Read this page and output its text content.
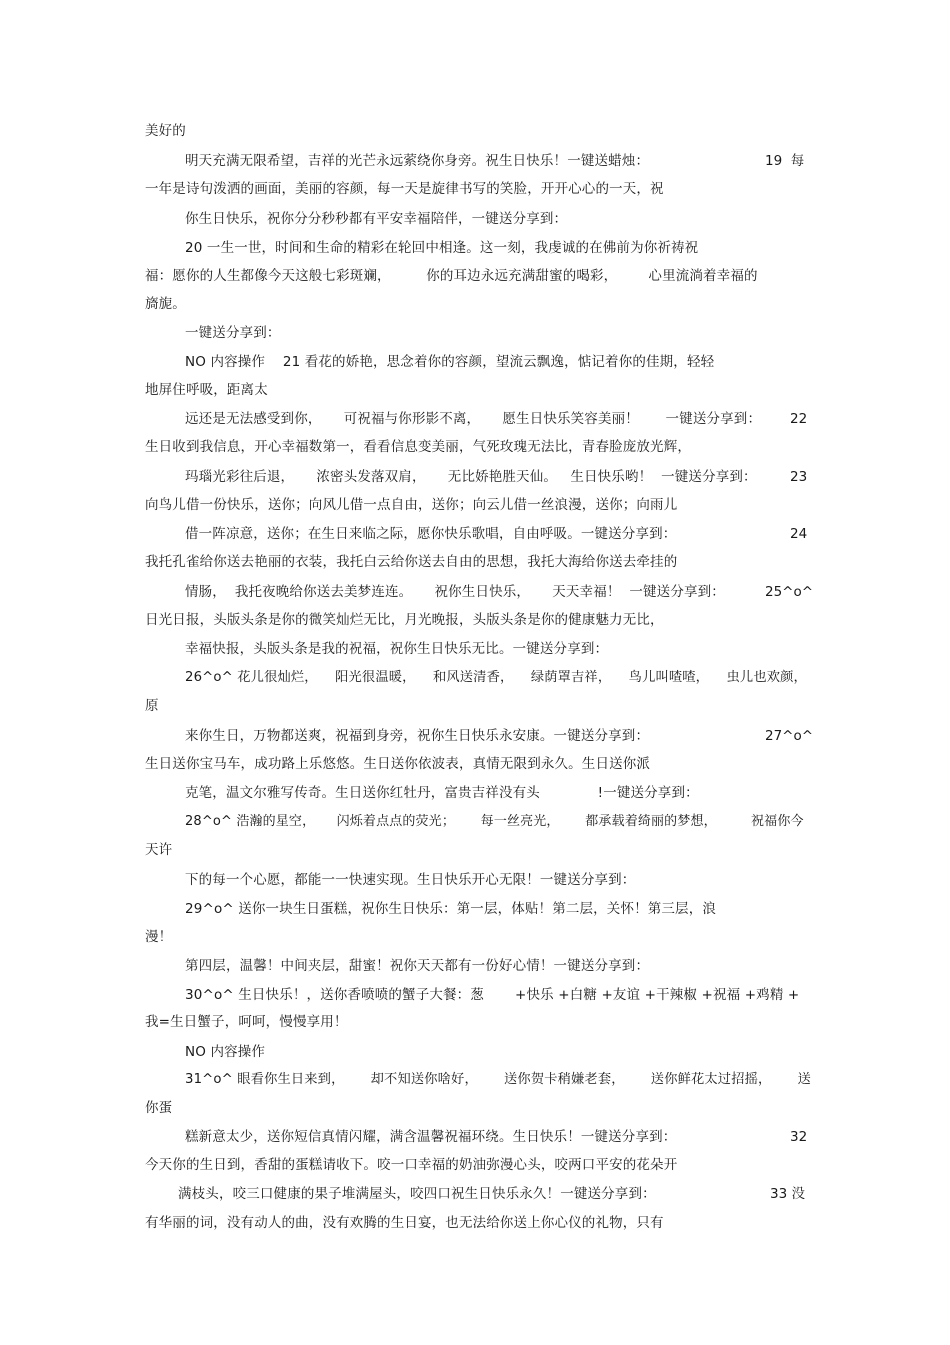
美好的
明天充满无限希望，吉祥的光芒永远萦绕你身旁。祝生日快乐！一键送蜡烛：	19  每
一年是诗句泼洒的画面，美丽的容颜，每一天是旋律书写的笑脸，开开心心的一天，祝
你生日快乐，祝你分分秒秒都有平安幸福陪伴，一键送分享到：
20 一生一世，时间和生命的精彩在轮回中相逢。这一刻，我虔诚的在佛前为你祈祷祝
福：愿你的人生都像今天这般七彩斑斓，        你的耳边永远充满甜蜜的喝彩，       心里流淌着幸福的
旖旎。
一键送分享到：
NO 内容操作    21 看花的娇艳，思念着你的容颜，望流云飘逸，惦记着你的佳期，轻轻
地屏住呼吸，距离太
远还是无法感受到你，     可祝福与你形影不离，     愿生日快乐笑容美丽！      一键送分享到： 22
生日收到我信息，开心幸福数第一，看看信息变美丽，气死玫瑰无法比，青春脸庞放光辉，
玛瑙光彩往后退，     浓密头发落双肩，     无比娇艳胜天仙。   生日快乐哟！  一键送分享到： 23
向鸟儿借一份快乐，送你；向风儿借一点自由，送你；向云儿借一丝浪漫，送你；向雨儿
借一阵凉意，送你；在生日来临之际，愿你快乐歌唱，自由呼吸。一键送分享到：	24
我托孔雀给你送去艳丽的衣装，我托白云给你送去自由的思想，我托大海给你送去牵挂的
情肠，  我托夜晚给你送去美梦连连。     祝你生日快乐，     天天幸福！  一键送分享到：	25^o^
日光日报，头版头条是你的微笑灿烂无比，月光晚报，头版头条是你的健康魅力无比，
幸福快报，头版头条是我的祝福，祝你生日快乐无比。一键送分享到：
26^o^ 花儿很灿烂，    阳光很温暖，    和风送清香，    绿荫罩吉祥，    鸟儿叫喳喳，    虫儿也欢颜，
原
来你生日，万物都送爽，祝福到身旁，祝你生日快乐永安康。一键送分享到：	27^o^
生日送你宝马车，成功路上乐悠悠。生日送你依波表，真情无限到永久。生日送你派
克笔，温文尔雅写传奇。生日送你红牡丹，富贵吉祥没有头             !一键送分享到：
28^o^ 浩瀚的星空，     闪烁着点点的荧光；      每一丝亮光，      都承载着绮丽的梦想，        祝福你今
天许
下的每一个心愿，都能一一快速实现。生日快乐开心无限！一键送分享到：
29^o^ 送你一块生日蛋糕，祝你生日快乐：第一层，体贴！第二层，关怀！第三层，浪
漫！
第四层，温馨！中间夹层，甜蜜！祝你天天都有一份好心情！一键送分享到：
30^o^ 生日快乐！，送你香喷喷的蟹子大餐：葱       +快乐 +白糖 +友谊 +干辣椒 +祝福 +鸡精 +
我=生日蟹子，呵呵，慢慢享用！
NO 内容操作
31^o^ 眼看你生日来到，      却不知送你啥好，      送你贺卡稍嫌老套，      送你鲜花太过招摇，      送
你蛋
糕新意太少，送你短信真情闪耀，满含温馨祝福环绕。生日快乐！一键送分享到：	32
今天你的生日到，香甜的蛋糕请收下。咬一口幸福的奶油弥漫心头，咬两口平安的花朵开
满枝头，咬三口健康的果子堆满屋头，咬四口祝生日快乐永久！一键送分享到：	33 没
有华丽的词，没有动人的曲，没有欢腾的生日宴，也无法给你送上你心仪的礼物，只有
